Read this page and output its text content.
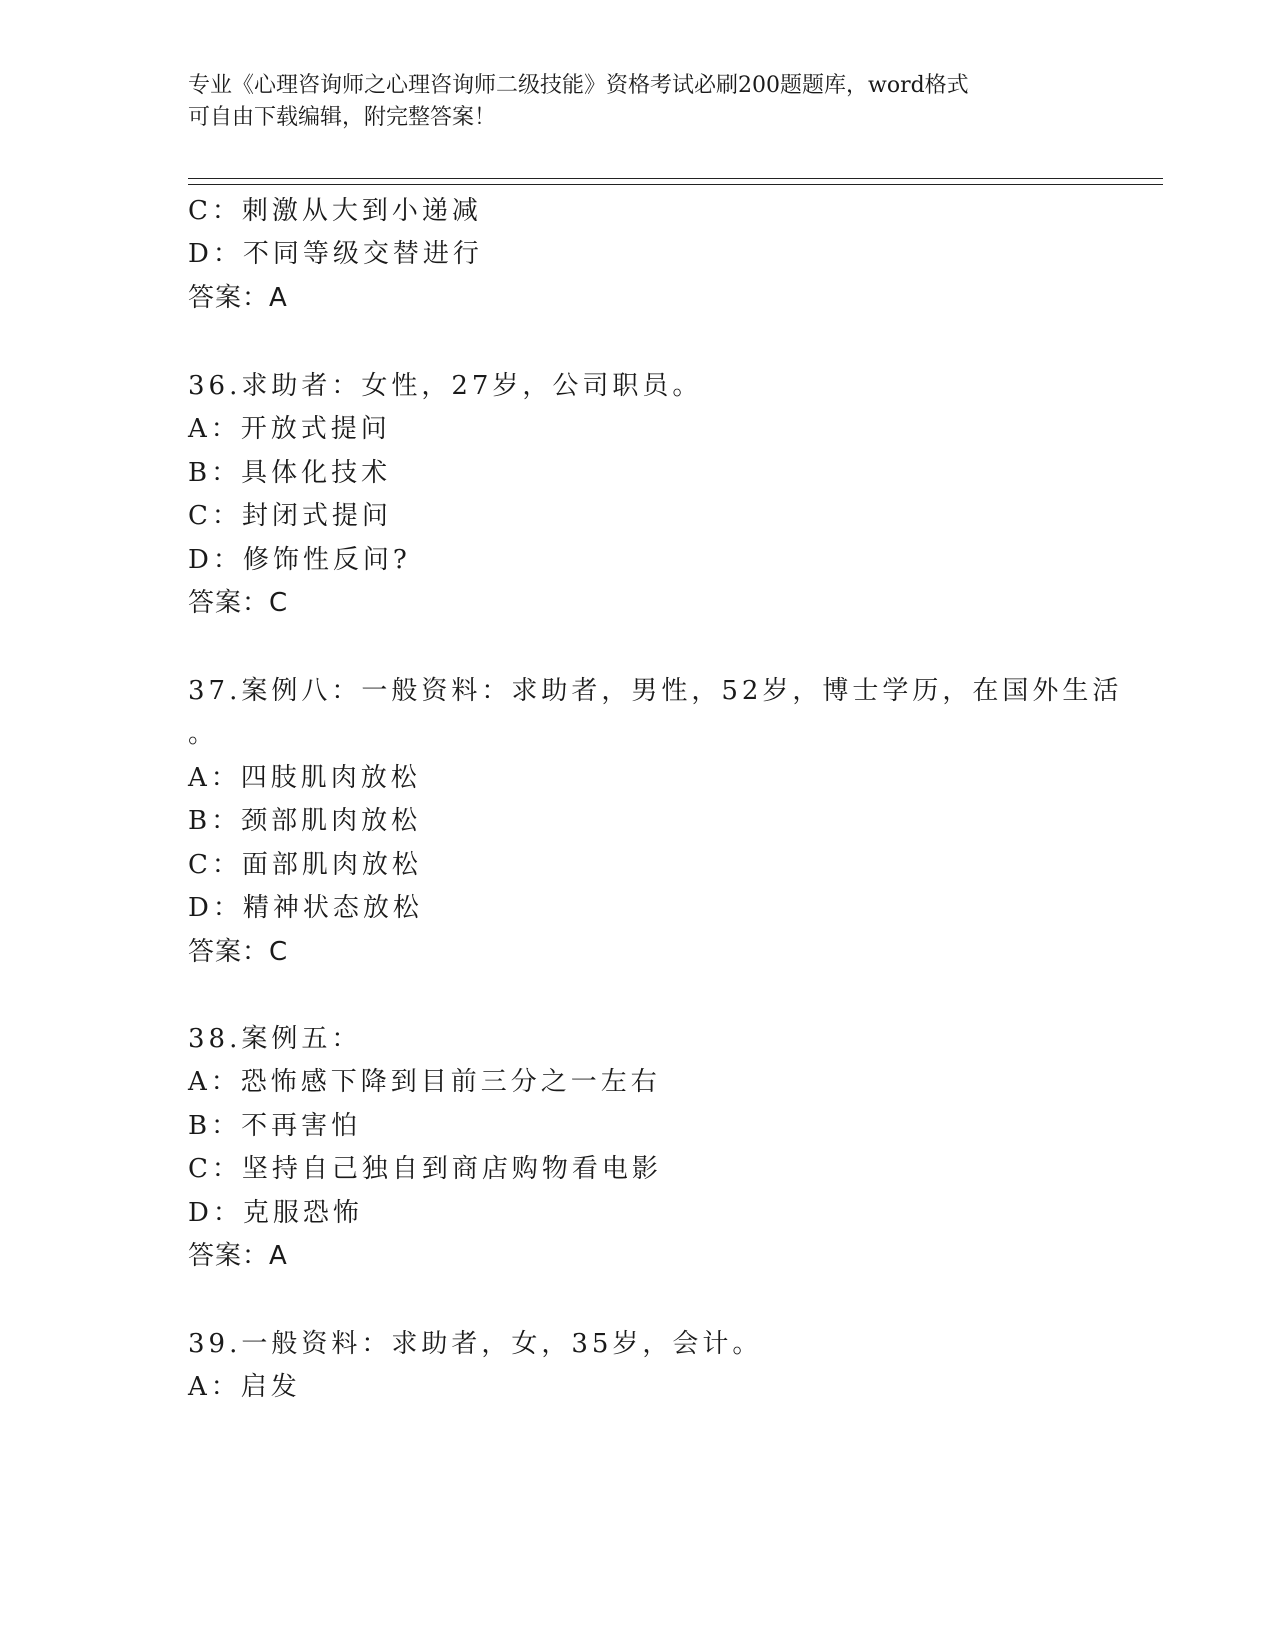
专业《心理咨询师之心理咨询师二级技能》资格考试必刷200题题库，word格式
可自由下载编辑，附完整答案！
C：刺激从大到小递减
D：不同等级交替进行
答案：A
36.求助者：女性，27岁，公司职员。
A：开放式提问
B：具体化技术
C：封闭式提问
D：修饰性反问?
答案：C
37.案例八：一般资料：求助者，男性，52岁，博士学历，在国外生活
。
A：四肢肌肉放松
B：颈部肌肉放松
C：面部肌肉放松
D：精神状态放松
答案：C
38.案例五：
A：恐怖感下降到目前三分之一左右
B：不再害怕
C：坚持自己独自到商店购物看电影
D：克服恐怖
答案：A
39.一般资料：求助者，女，35岁，会计。
A：启发
